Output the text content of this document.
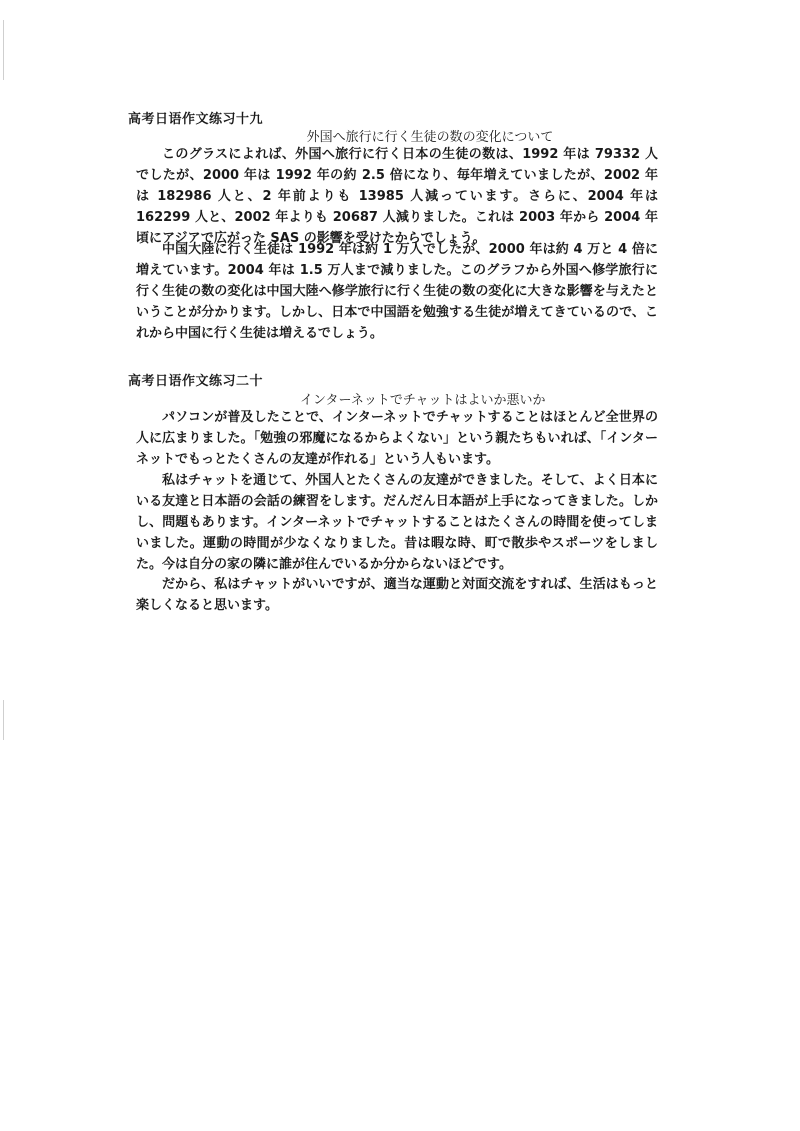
高考日语作文练习十九
外国へ旅行に行く生徒の数の変化について

このグラスによれば、外国へ旅行に行く日本の生徒の数は、1992 年は 79332 人でしたが、2000 年は 1992 年の約 2.5 倍になり、毎年増えていましたが、2002 年は 182986 人と、2 年前よりも 13985 人減っています。さらに、2004 年は 162299 人と、2002 年よりも 20687 人減りました。これは 2003 年から 2004 年頃にアジアで広がった SAS の影響を受けたからでしょう。

中国大陸に行く生徒は 1992 年は約 1 万人でしたが、2000 年は約 4 万と 4 倍に増えています。2004 年は 1.5 万人まで減りました。このグラフから外国へ修学旅行に行く生徒の数の変化は中国大陸へ修学旅行に行く生徒の数の変化に大きな影響を与えたということが分かります。しかし、日本で中国語を勉強する生徒が増えてきているので、これから中国に行く生徒は増えるでしょう。

高考日语作文练习二十
インターネットでチャットはよいか悪いか

パソコンが普及したことで、インターネットでチャットすることはほとんど全世界の人に広まりました。「勉強の邪魔になるからよくない」という親たちもいれば、「インターネットでもっとたくさんの友達が作れる」という人もいます。

私はチャットを通じて、外国人とたくさんの友達ができました。そして、よく日本にいる友達と日本語の会話の練習をします。だんだん日本語が上手になってきました。しかし、問題もあります。インターネットでチャットすることはたくさんの時間を使ってしまいました。運動の時間が少なくなりました。昔は暇な時、町で散歩やスポーツをしました。今は自分の家の隣に誰が住んでいるか分からないほどです。

だから、私はチャットがいいですが、適当な運動と対面交流をすれば、生活はもっと楽しくなると思います。
